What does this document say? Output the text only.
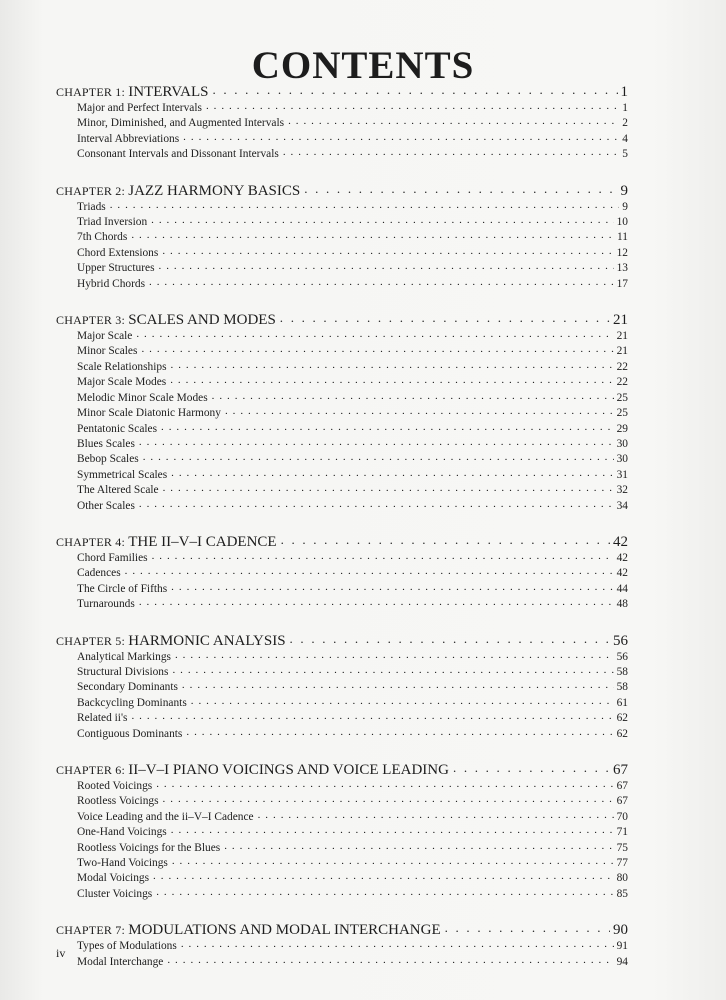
CONTENTS
CHAPTER 1: INTERVALS . . .	1
Major and Perfect Intervals . . .	1
Minor, Diminished, and Augmented Intervals . . .	2
Interval Abbreviations . . .	4
Consonant Intervals and Dissonant Intervals . . .	5
CHAPTER 2: JAZZ HARMONY BASICS . . .	9
Triads . . .	9
Triad Inversion . . .	10
7th Chords . . .	11
Chord Extensions . . .	12
Upper Structures . . .	13
Hybrid Chords . . .	17
CHAPTER 3: SCALES AND MODES . . .	21
Major Scale . . .	21
Minor Scales . . .	21
Scale Relationships . . .	22
Major Scale Modes . . .	22
Melodic Minor Scale Modes . . .	25
Minor Scale Diatonic Harmony . . .	25
Pentatonic Scales . . .	29
Blues Scales . . .	30
Bebop Scales . . .	30
Symmetrical Scales . . .	31
The Altered Scale . . .	32
Other Scales . . .	34
CHAPTER 4: THE II–V–I CADENCE . . .	42
Chord Families . . .	42
Cadences . . .	42
The Circle of Fifths . . .	44
Turnarounds . . .	48
CHAPTER 5: HARMONIC ANALYSIS . . .	56
Analytical Markings . . .	56
Structural Divisions . . .	58
Secondary Dominants . . .	58
Backcycling Dominants . . .	61
Related ii's . . .	62
Contiguous Dominants . . .	62
CHAPTER 6: II–V–I PIANO VOICINGS AND VOICE LEADING . . .	67
Rooted Voicings . . .	67
Rootless Voicings . . .	67
Voice Leading and the ii–V–I Cadence . . .	70
One-Hand Voicings . . .	71
Rootless Voicings for the Blues . . .	75
Two-Hand Voicings . . .	77
Modal Voicings . . .	80
Cluster Voicings . . .	85
CHAPTER 7: MODULATIONS AND MODAL INTERCHANGE . . .	90
Types of Modulations . . .	91
Modal Interchange . . .	94
iv
